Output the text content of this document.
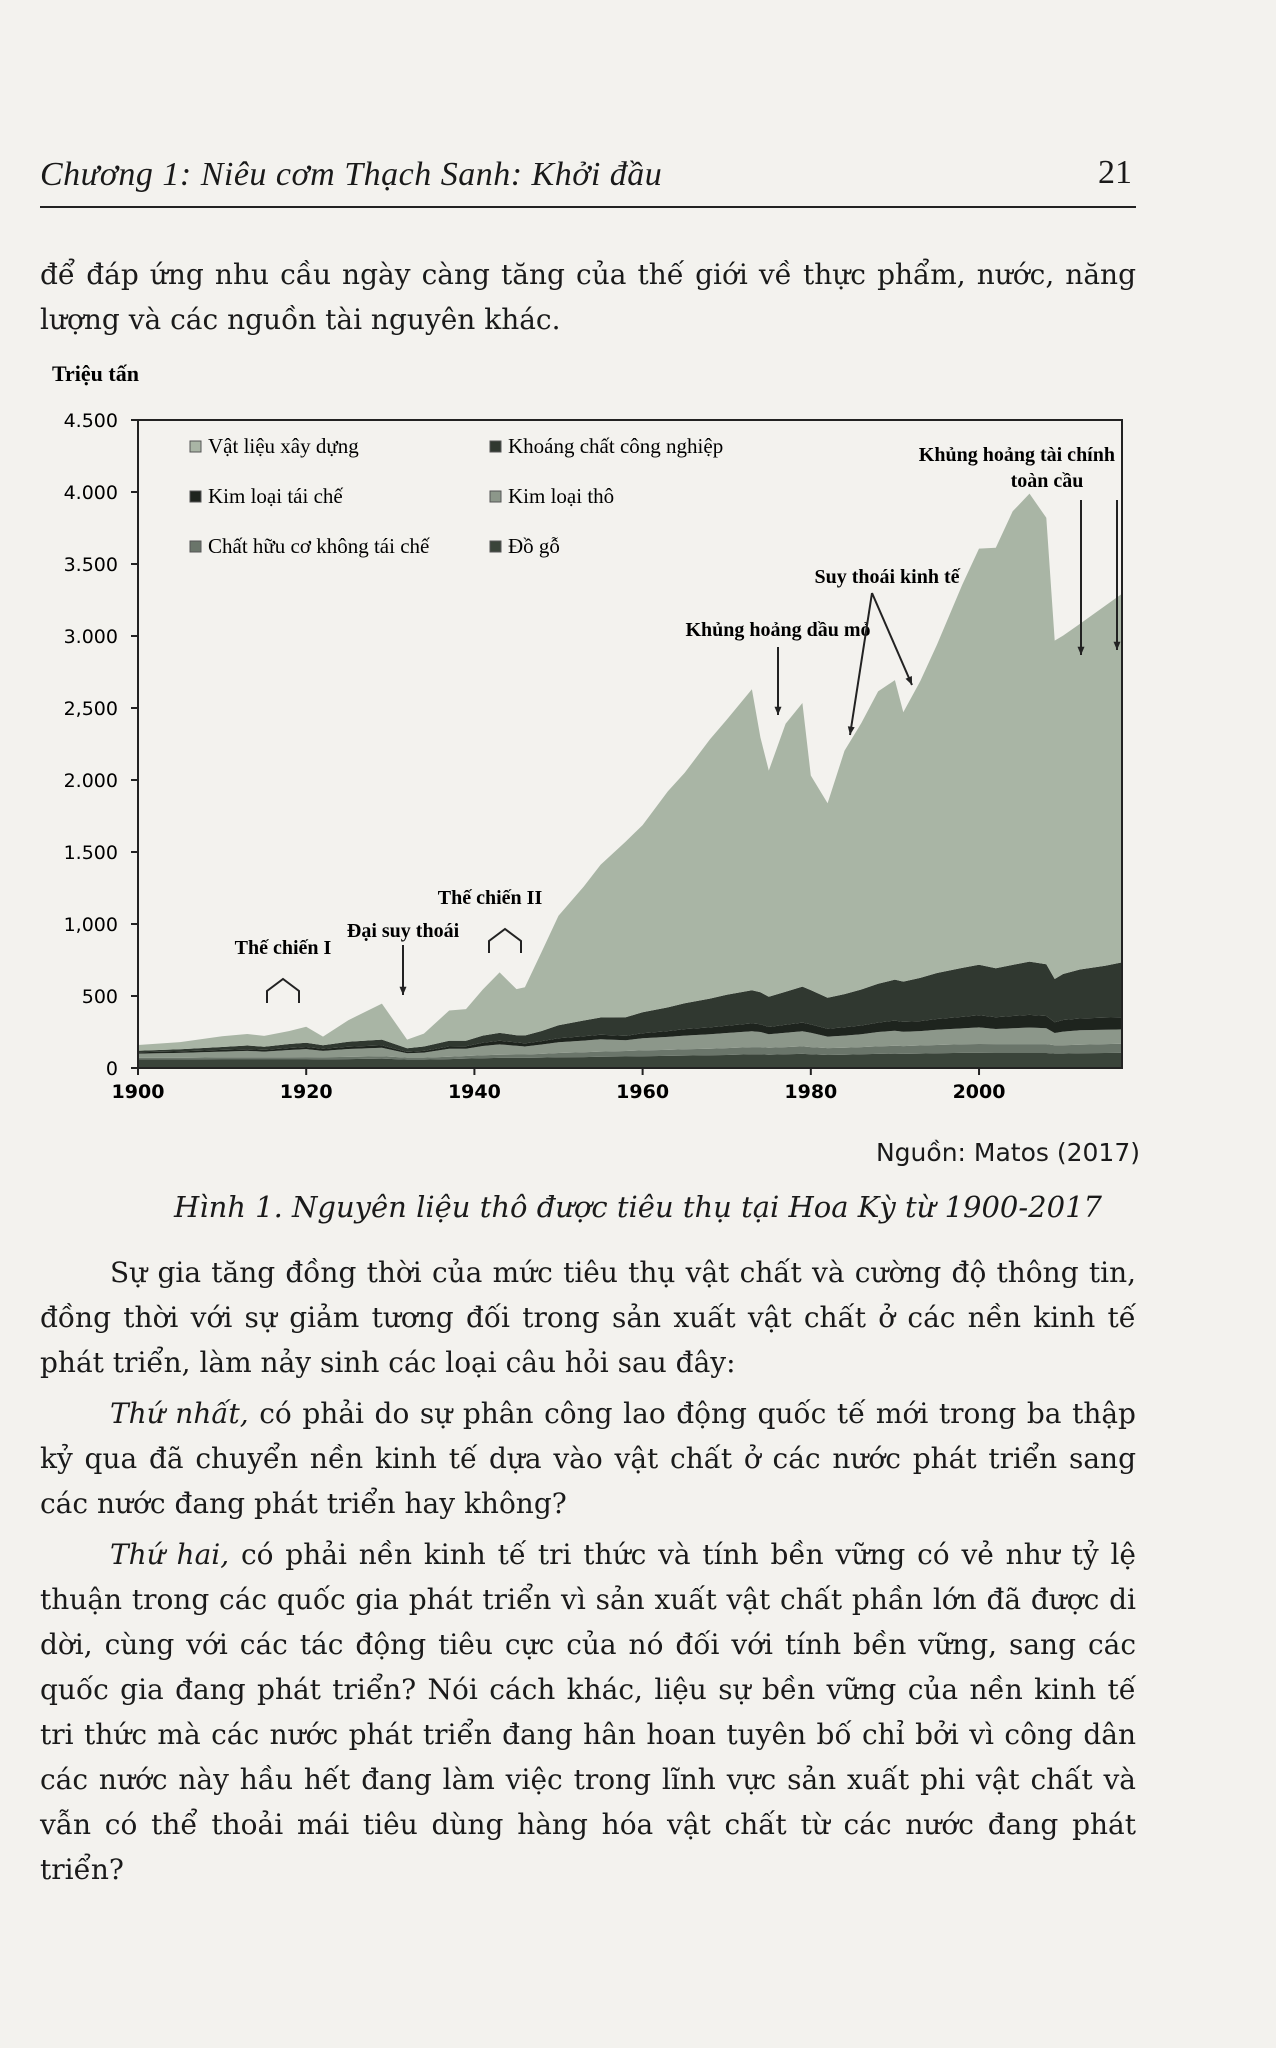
Chương 1: Niêu cơm Thạch Sanh: Khởi đầu	21
để đáp ứng nhu cầu ngày càng tăng của thế giới về thực phẩm, nước, năng lượng và các nguồn tài nguyên khác.
Triệu tấn
0
500
1,000
1.500
2.000
2,500
3.000
3.500
4.000
4.500
1900	1920	1940	1960	1980	2000
Vật liệu xây dựng	Khoáng chất công nghiệp
Kim loại tái chế	Kim loại thô
Chất hữu cơ không tái chế	Đồ gỗ
Thế chiến I
Đại suy thoái
Thế chiến II
Khủng hoảng dầu mỏ
Suy thoái kinh tế
Khủng hoảng tài chính
toàn cầu
Nguồn: Matos (2017)
Hình 1. Nguyên liệu thô được tiêu thụ tại Hoa Kỳ từ 1900-2017

Sự gia tăng đồng thời của mức tiêu thụ vật chất và cường độ thông tin, đồng thời với sự giảm tương đối trong sản xuất vật chất ở các nền kinh tế phát triển, làm nảy sinh các loại câu hỏi sau đây:

Thứ nhất, có phải do sự phân công lao động quốc tế mới trong ba thập kỷ qua đã chuyển nền kinh tế dựa vào vật chất ở các nước phát triển sang các nước đang phát triển hay không?

Thứ hai, có phải nền kinh tế tri thức và tính bền vững có vẻ như tỷ lệ thuận trong các quốc gia phát triển vì sản xuất vật chất phần lớn đã được di dời, cùng với các tác động tiêu cực của nó đối với tính bền vững, sang các quốc gia đang phát triển? Nói cách khác, liệu sự bền vững của nền kinh tế tri thức mà các nước phát triển đang hân hoan tuyên bố chỉ bởi vì công dân các nước này hầu hết đang làm việc trong lĩnh vực sản xuất phi vật chất và vẫn có thể thoải mái tiêu dùng hàng hóa vật chất từ các nước đang phát triển?
